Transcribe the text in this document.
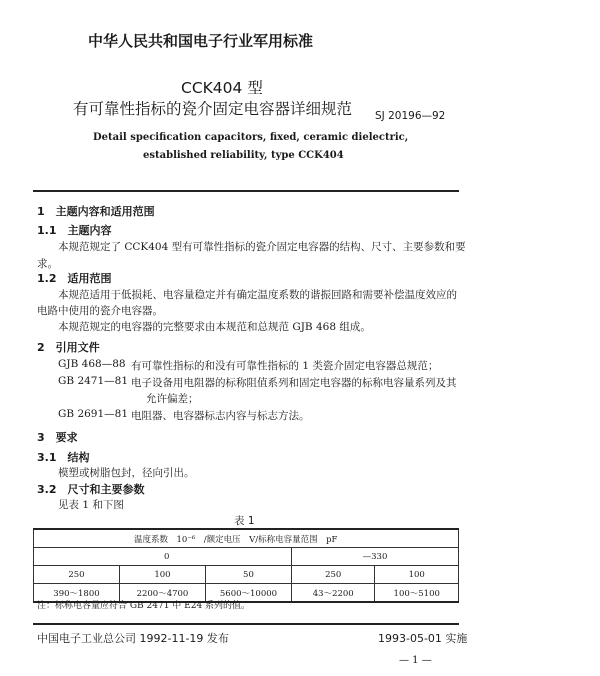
中华人民共和国电子行业军用标准
CCK404 型
有可靠性指标的瓷介固定电容器详细规范 SJ 20196—92
Detail specification capacitors, fixed, ceramic dielectric,
established reliability, type CCK404
1　主题内容和适用范围
1.1　主题内容
本规范规定了 CCK404 型有可靠性指标的瓷介固定电容器的结构、尺寸、主要参数和要
求。
1.2　适用范围
本规范适用于低损耗、电容量稳定并有确定温度系数的谐振回路和需要补偿温度效应的
电路中使用的瓷介电容器。
本规范规定的电容器的完整要求由本规范和总规范 GJB 468 组成。
2　引用文件
GJB 468—88 有可靠性指标的和没有可靠性指标的 1 类瓷介固定电容器总规范；
GB 2471—81 电子设备用电阻器的标称阻值系列和固定电容器的标称电容量系列及其
允许偏差；
GB 2691—81 电阻器、电容器标志内容与标志方法。
3　要求
3.1　结构
模塑或树脂包封，径向引出。
3.2　尺寸和主要参数
见表 1 和下图
表 1
温度系数　10⁻⁶　/额定电压　V/标称电容量范围　pF				
0			—330	
250	100	50	250	100
390～1800	2200～4700	5600～10000	43～2200	100～5100
注：标称电容量应符合 GB 2471 中 E24 系列的值。
中国电子工业总公司 1992-11-19 发布	1993-05-01 实施
— 1 —
